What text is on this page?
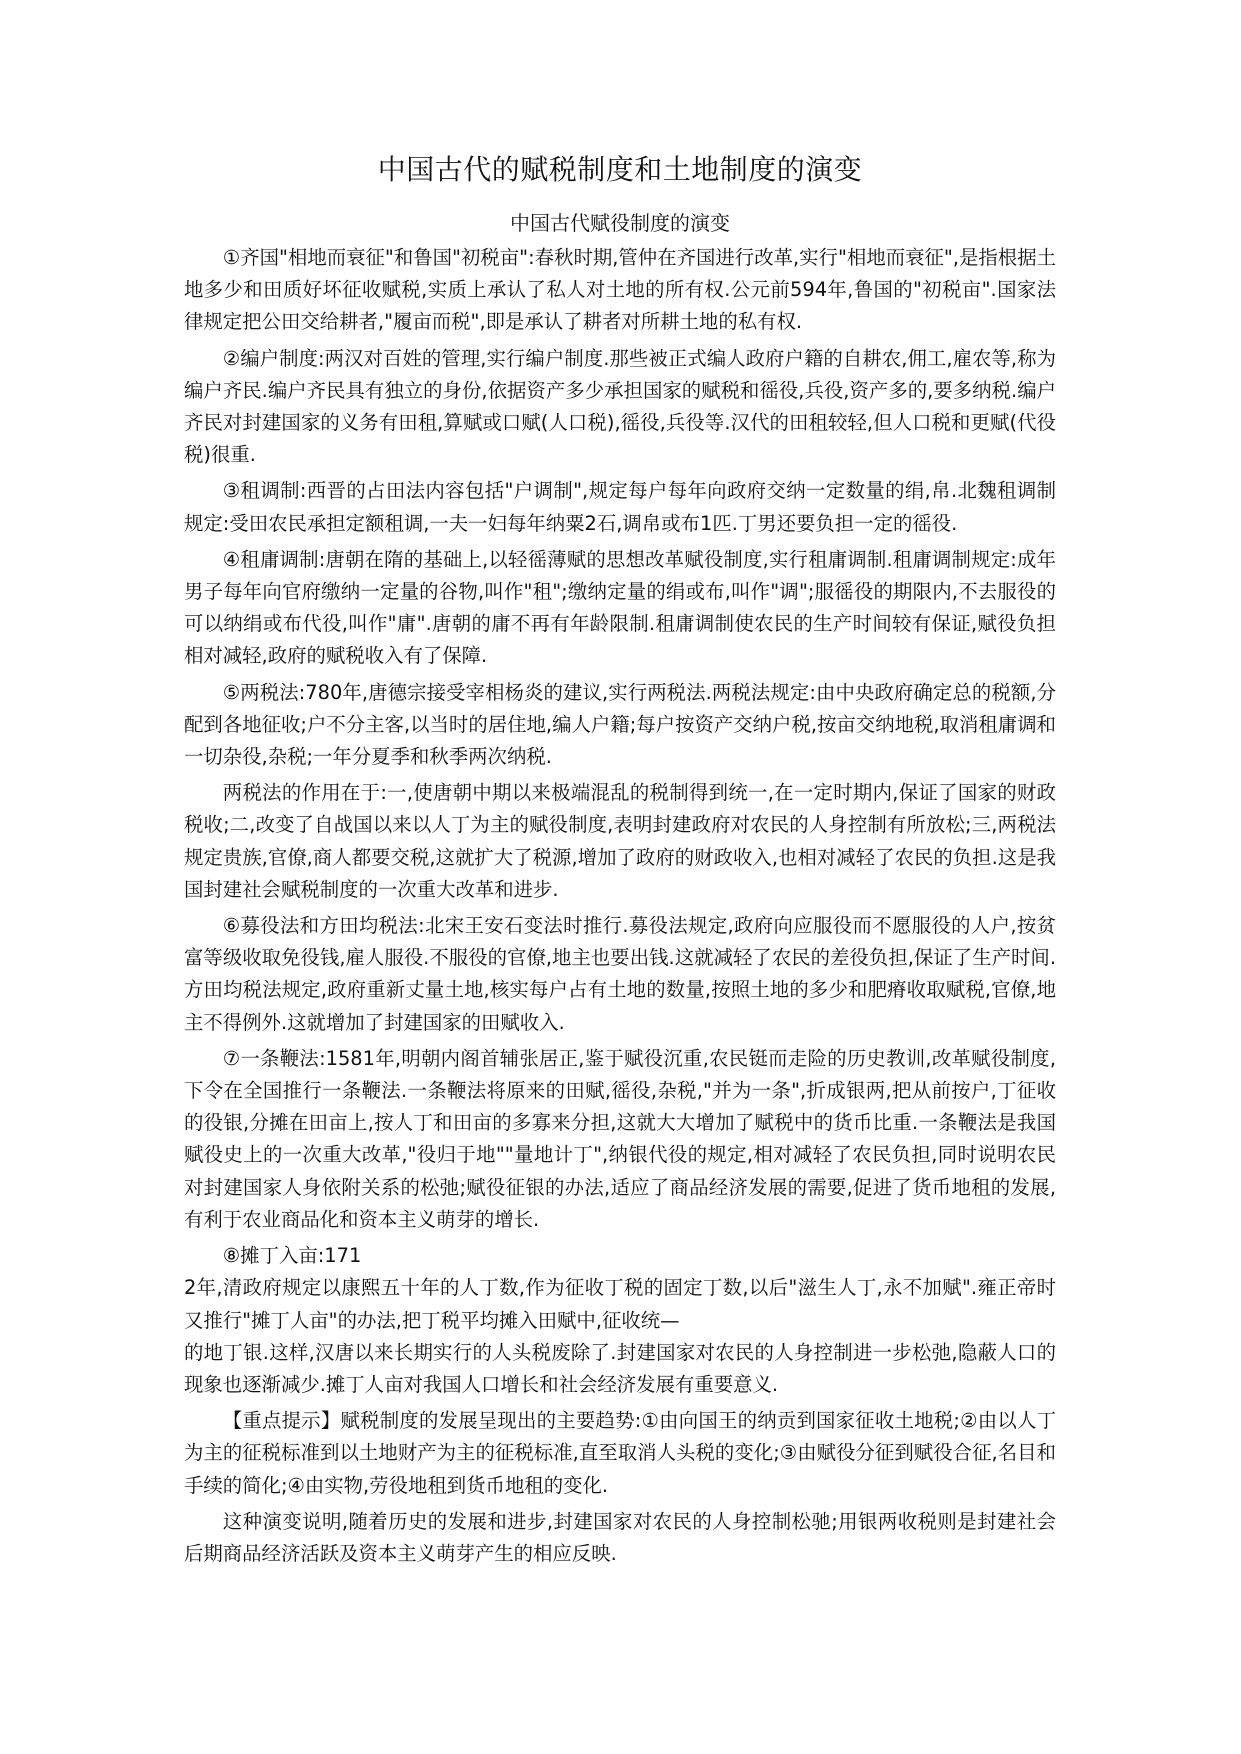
中国古代的赋税制度和土地制度的演变
中国古代赋役制度的演变

①齐国"相地而衰征"和鲁国"初税亩":春秋时期,管仲在齐国进行改革,实行"相地而衰征",是指根据土地多少和田质好坏征收赋税,实质上承认了私人对土地的所有权.公元前594年,鲁国的"初税亩".国家法律规定把公田交给耕者,"履亩而税",即是承认了耕者对所耕土地的私有权.

②编户制度:两汉对百姓的管理,实行编户制度.那些被正式编人政府户籍的自耕农,佣工,雇农等,称为编户齐民.编户齐民具有独立的身份,依据资产多少承担国家的赋税和徭役,兵役,资产多的,要多纳税.编户齐民对封建国家的义务有田租,算赋或口赋(人口税),徭役,兵役等.汉代的田租较轻,但人口税和更赋(代役税)很重.

③租调制:西晋的占田法内容包括"户调制",规定每户每年向政府交纳一定数量的绢,帛.北魏租调制规定:受田农民承担定额租调,一夫一妇每年纳粟2石,调帛或布1匹.丁男还要负担一定的徭役.

④租庸调制:唐朝在隋的基础上,以轻徭薄赋的思想改革赋役制度,实行租庸调制.租庸调制规定:成年男子每年向官府缴纳一定量的谷物,叫作"租";缴纳定量的绢或布,叫作"调";服徭役的期限内,不去服役的可以纳绢或布代役,叫作"庸".唐朝的庸不再有年龄限制.租庸调制使农民的生产时间较有保证,赋役负担相对减轻,政府的赋税收入有了保障.

⑤两税法:780年,唐德宗接受宰相杨炎的建议,实行两税法.两税法规定:由中央政府确定总的税额,分配到各地征收;户不分主客,以当时的居住地,编人户籍;每户按资产交纳户税,按亩交纳地税,取消租庸调和一切杂役,杂税;一年分夏季和秋季两次纳税.

两税法的作用在于:一,使唐朝中期以来极端混乱的税制得到统一,在一定时期内,保证了国家的财政税收;二,改变了自战国以来以人丁为主的赋役制度,表明封建政府对农民的人身控制有所放松;三,两税法规定贵族,官僚,商人都要交税,这就扩大了税源,增加了政府的财政收入,也相对减轻了农民的负担.这是我国封建社会赋税制度的一次重大改革和进步.

⑥募役法和方田均税法:北宋王安石变法时推行.募役法规定,政府向应服役而不愿服役的人户,按贫富等级收取免役钱,雇人服役.不服役的官僚,地主也要出钱.这就减轻了农民的差役负担,保证了生产时间.方田均税法规定,政府重新丈量土地,核实每户占有土地的数量,按照土地的多少和肥瘠收取赋税,官僚,地主不得例外.这就增加了封建国家的田赋收入.

⑦一条鞭法:1581年,明朝内阁首辅张居正,鉴于赋役沉重,农民铤而走险的历史教训,改革赋役制度,下令在全国推行一条鞭法.一条鞭法将原来的田赋,徭役,杂税,"并为一条",折成银两,把从前按户,丁征收的役银,分摊在田亩上,按人丁和田亩的多寡来分担,这就大大增加了赋税中的货币比重.一条鞭法是我国赋役史上的一次重大改革,"役归于地""量地计丁",纳银代役的规定,相对减轻了农民负担,同时说明农民对封建国家人身依附关系的松弛;赋役征银的办法,适应了商品经济发展的需要,促进了货币地租的发展,有利于农业商品化和资本主义萌芽的增长.

⑧摊丁入亩:171

2年,清政府规定以康熙五十年的人丁数,作为征收丁税的固定丁数,以后"滋生人丁,永不加赋".雍正帝时又推行"摊丁人亩"的办法,把丁税平均摊入田赋中,征收统—

的地丁银.这样,汉唐以来长期实行的人头税废除了.封建国家对农民的人身控制进一步松弛,隐蔽人口的现象也逐渐减少.摊丁人亩对我国人口增长和社会经济发展有重要意义.

【重点提示】赋税制度的发展呈现出的主要趋势:①由向国王的纳贡到国家征收土地税;②由以人丁为主的征税标准到以土地财产为主的征税标准,直至取消人头税的变化;③由赋役分征到赋役合征,名目和手续的简化;④由实物,劳役地租到货币地租的变化.

这种演变说明,随着历史的发展和进步,封建国家对农民的人身控制松驰;用银两收税则是封建社会后期商品经济活跃及资本主义萌芽产生的相应反映.
